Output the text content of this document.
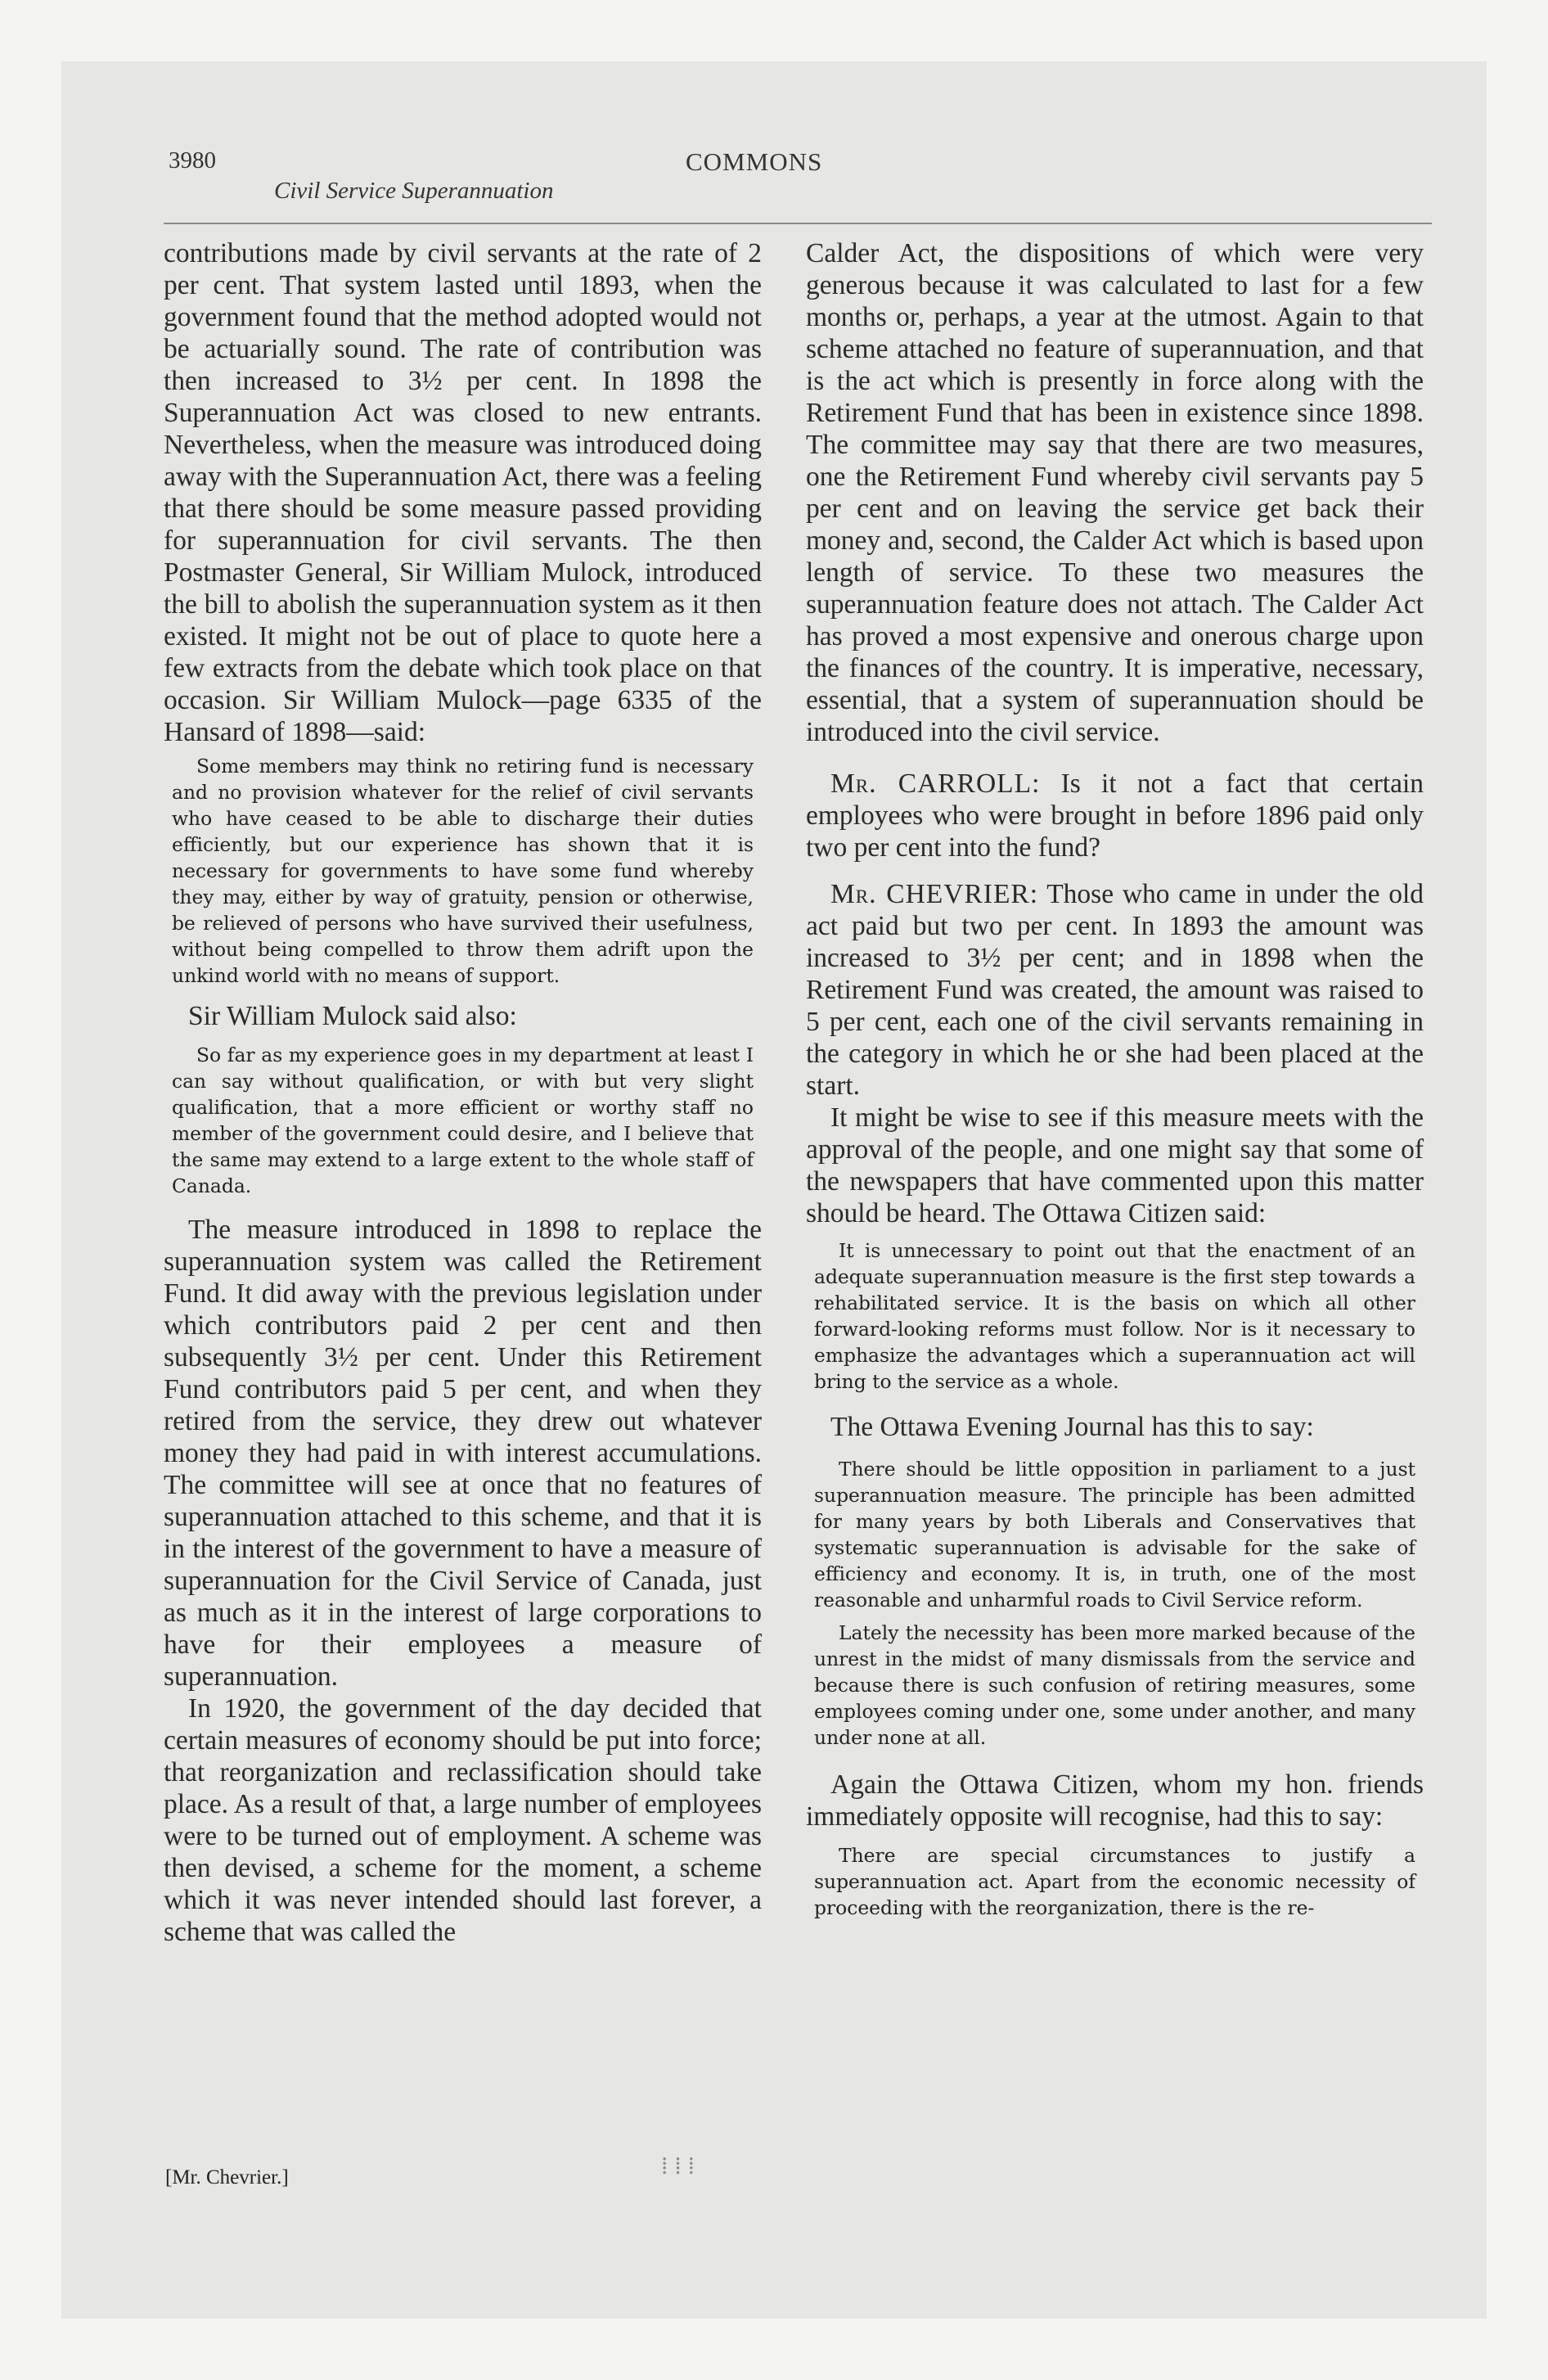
3980
Civil Service Superannuation
COMMONS

contributions made by civil servants at the rate of 2 per cent. That system lasted until 1893, when the government found that the method adopted would not be actuarially sound. The rate of contribution was then increased to 3½ per cent. In 1898 the Superannuation Act was closed to new entrants. Nevertheless, when the measure was introduced doing away with the Superannuation Act, there was a feeling that there should be some measure passed providing for superannuation for civil servants. The then Postmaster General, Sir William Mulock, introduced the bill to abolish the superannuation system as it then existed. It might not be out of place to quote here a few extracts from the debate which took place on that occasion. Sir William Mulock—page 6335 of the Hansard of 1898—said:

Some members may think no retiring fund is necessary and no provision whatever for the relief of civil servants who have ceased to be able to discharge their duties efficiently, but our experience has shown that it is necessary for governments to have some fund whereby they may, either by way of gratuity, pension or otherwise, be relieved of persons who have survived their usefulness, without being compelled to throw them adrift upon the unkind world with no means of support.

Sir William Mulock said also:

So far as my experience goes in my department at least I can say without qualification, or with but very slight qualification, that a more efficient or worthy staff no member of the government could desire, and I believe that the same may extend to a large extent to the whole staff of Canada.

The measure introduced in 1898 to replace the superannuation system was called the Retirement Fund. It did away with the previous legislation under which contributors paid 2 per cent and then subsequently 3½ per cent. Under this Retirement Fund contributors paid 5 per cent, and when they retired from the service, they drew out whatever money they had paid in with interest accumulations. The committee will see at once that no features of superannuation attached to this scheme, and that it is in the interest of the government to have a measure of superannuation for the Civil Service of Canada, just as much as it in the interest of large corporations to have for their employees a measure of superannuation.

In 1920, the government of the day decided that certain measures of economy should be put into force; that reorganization and reclassification should take place. As a result of that, a large number of employees were to be turned out of employment. A scheme was then devised, a scheme for the moment, a scheme which it was never intended should last forever, a scheme that was called the

Calder Act, the dispositions of which were very generous because it was calculated to last for a few months or, perhaps, a year at the utmost. Again to that scheme attached no feature of superannuation, and that is the act which is presently in force along with the Retirement Fund that has been in existence since 1898. The committee may say that there are two measures, one the Retirement Fund whereby civil servants pay 5 per cent and on leaving the service get back their money and, second, the Calder Act which is based upon length of service. To these two measures the superannuation feature does not attach. The Calder Act has proved a most expensive and onerous charge upon the finances of the country. It is imperative, necessary, essential, that a system of superannuation should be introduced into the civil service.

Mr. CARROLL: Is it not a fact that certain employees who were brought in before 1896 paid only two per cent into the fund?

Mr. CHEVRIER: Those who came in under the old act paid but two per cent. In 1893 the amount was increased to 3½ per cent; and in 1898 when the Retirement Fund was created, the amount was raised to 5 per cent, each one of the civil servants remaining in the category in which he or she had been placed at the start.

It might be wise to see if this measure meets with the approval of the people, and one might say that some of the newspapers that have commented upon this matter should be heard. The Ottawa Citizen said:

It is unnecessary to point out that the enactment of an adequate superannuation measure is the first step towards a rehabilitated service. It is the basis on which all other forward-looking reforms must follow. Nor is it necessary to emphasize the advantages which a superannuation act will bring to the service as a whole.

The Ottawa Evening Journal has this to say:

There should be little opposition in parliament to a just superannuation measure. The principle has been admitted for many years by both Liberals and Conservatives that systematic superannuation is advisable for the sake of efficiency and economy. It is, in truth, one of the most reasonable and unharmful roads to Civil Service reform.

Lately the necessity has been more marked because of the unrest in the midst of many dismissals from the service and because there is such confusion of retiring measures, some employees coming under one, some under another, and many under none at all.

Again the Ottawa Citizen, whom my hon. friends immediately opposite will recognise, had this to say:

There are special circumstances to justify a superannuation act. Apart from the economic necessity of proceeding with the reorganization, there is the re-

[Mr. Chevrier.]	⁞⁞⁞
